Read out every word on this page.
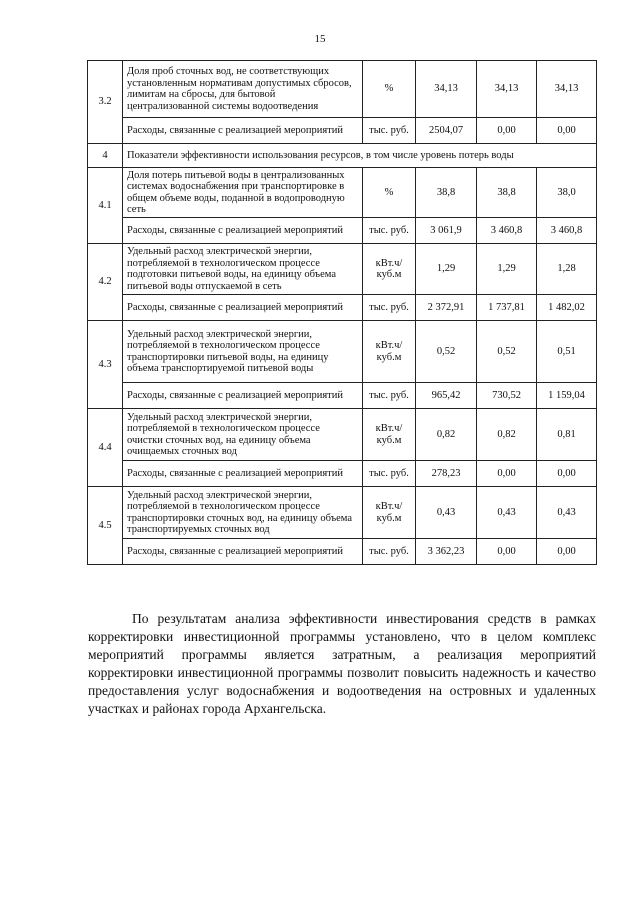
15
3.2	Доля проб сточных вод, не соответствующих установленным нормативам допустимых сбросов, лимитам на сбросы, для бытовой централизованной системы водоотведения	%	34,13	34,13	34,13
	Расходы, связанные с реализацией мероприятий	тыс. руб.	2504,07	0,00	0,00
4	Показатели эффективности использования ресурсов, в том числе уровень потерь воды				
4.1	Доля потерь питьевой воды в централизованных системах водоснабжения при транспортировке в общем объеме воды, поданной в водопроводную сеть	%	38,8	38,8	38,0
	Расходы, связанные с реализацией мероприятий	тыс. руб.	3 061,9	3 460,8	3 460,8
4.2	Удельный расход электрической энергии, потребляемой в технологическом процессе подготовки питьевой воды, на единицу объема питьевой воды отпускаемой в сеть	кВт.ч/ куб.м	1,29	1,29	1,28
	Расходы, связанные с реализацией мероприятий	тыс. руб.	2 372,91	1 737,81	1 482,02
4.3	Удельный расход электрической энергии, потребляемой в технологическом процессе транспортировки питьевой воды, на единицу объема транспортируемой питьевой воды	кВт.ч/ куб.м	0,52	0,52	0,51
	Расходы, связанные с реализацией мероприятий	тыс. руб.	965,42	730,52	1 159,04
4.4	Удельный расход электрической энергии, потребляемой в технологическом процессе очистки сточных вод, на единицу объема очищаемых сточных вод	кВт.ч/ куб.м	0,82	0,82	0,81
	Расходы, связанные с реализацией мероприятий	тыс. руб.	278,23	0,00	0,00
4.5	Удельный расход электрической энергии, потребляемой в технологическом процессе транспортировки сточных вод, на единицу объема транспортируемых сточных вод	кВт.ч/ куб.м	0,43	0,43	0,43
	Расходы, связанные с реализацией мероприятий	тыс. руб.	3 362,23	0,00	0,00

По результатам анализа эффективности инвестирования средств в рамках корректировки инвестиционной программы установлено, что в целом комплекс мероприятий программы является затратным, а реализация мероприятий корректировки инвестиционной программы позволит повысить надежность и качество предоставления услуг водоснабжения и водоотведения на островных и удаленных участках и районах города Архангельска.
